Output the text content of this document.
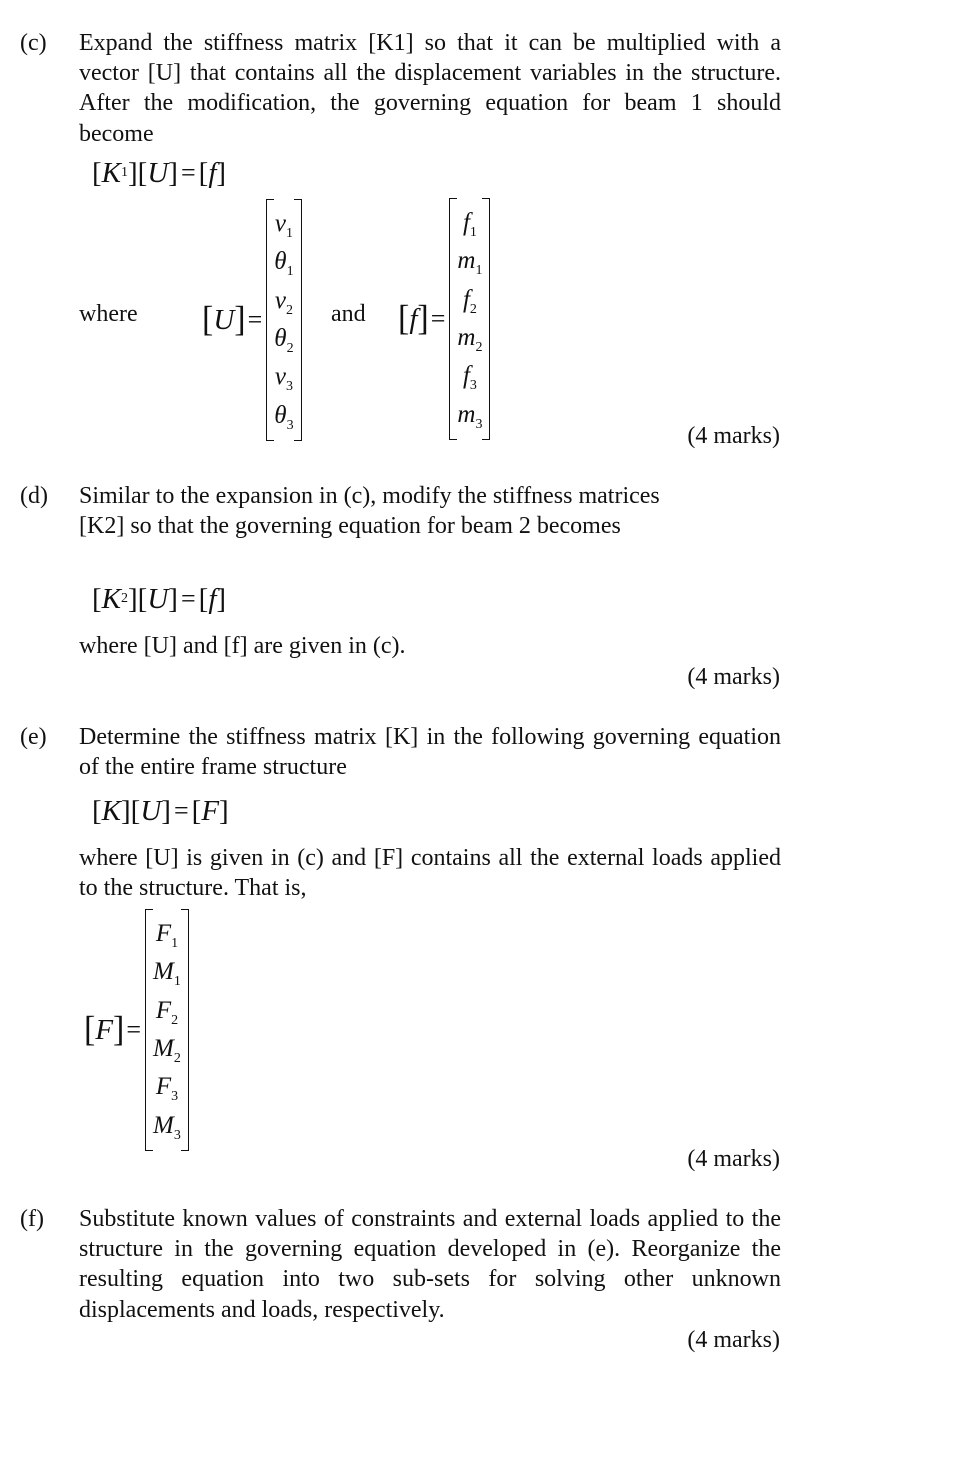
(c) Expand the stiffness matrix [K1] so that it can be multiplied with a vector [U] that contains all the displacement variables in the structure. After the modification, the governing equation for beam 1 should become

[ K 1 ][ U ] = [ f ]
where [ U ] =
$v_1$
$\theta_1$
$v_2$
$\theta_2$
$v_3$
$\theta_3$
and [ f ] =
$f_1$
$m_1$
$f_2$
$m_2$
$f_3$
$m_3$	(4 marks)
(d) Similar to the expansion in (c), modify the stiffness matrices [K2] so that the governing equation for beam 2 becomes

[ K 2 ][ U ] = [ f ]

where [U] and [f] are given in (c).

(4 marks)
(e) Determine the stiffness matrix [K] in the following governing equation of the entire frame structure

[ K ][ U ] = [ F ]

where [U] is given in (c) and [F] contains all the external loads applied to the structure. That is,

[ F ] =
$F_1$
$M_1$
$F_2$
$M_2$
$F_3$
$M_3$
(4 marks)
(f) Substitute known values of constraints and external loads applied to the structure in the governing equation developed in (e). Reorganize the resulting equation into two sub-sets for solving other unknown displacements and loads, respectively.

(4 marks)
